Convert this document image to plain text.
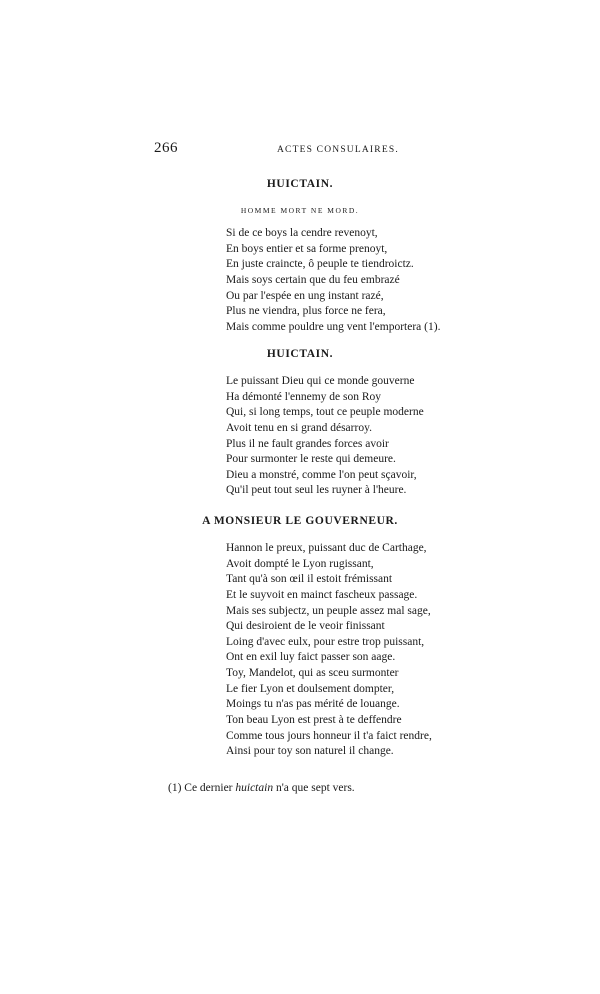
266	ACTES CONSULAIRES.
HUICTAIN.
HOMME MORT NE MORD.
Si de ce boys la cendre revenoyt,
En boys entier et sa forme prenoyt,
En juste craincte, ô peuple te tiendroictz.
Mais soys certain que du feu embrazé
Ou par l'espée en ung instant razé,
Plus ne viendra, plus force ne fera,
Mais comme pouldre ung vent l'emportera (1).
HUICTAIN.
Le puissant Dieu qui ce monde gouverne
Ha démonté l'ennemy de son Roy
Qui, si long temps, tout ce peuple moderne
Avoit tenu en si grand désarroy.
Plus il ne fault grandes forces avoir
Pour surmonter le reste qui demeure.
Dieu a monstré, comme l'on peut sçavoir,
Qu'il peut tout seul les ruyner à l'heure.
A MONSIEUR LE GOUVERNEUR.
Hannon le preux, puissant duc de Carthage,
Avoit dompté le Lyon rugissant,
Tant qu'à son œil il estoit frémissant
Et le suyvoit en mainct fascheux passage.
Mais ses subjectz, un peuple assez mal sage,
Qui desiroient de le veoir finissant
Loing d'avec eulx, pour estre trop puissant,
Ont en exil luy faict passer son aage.
Toy, Mandelot, qui as sceu surmonter
Le fier Lyon et doulsement dompter,
Moings tu n'as pas mérité de louange.
Ton beau Lyon est prest à te deffendre
Comme tous jours honneur il t'a faict rendre,
Ainsi pour toy son naturel il change.
(1) Ce dernier huictain n'a que sept vers.
